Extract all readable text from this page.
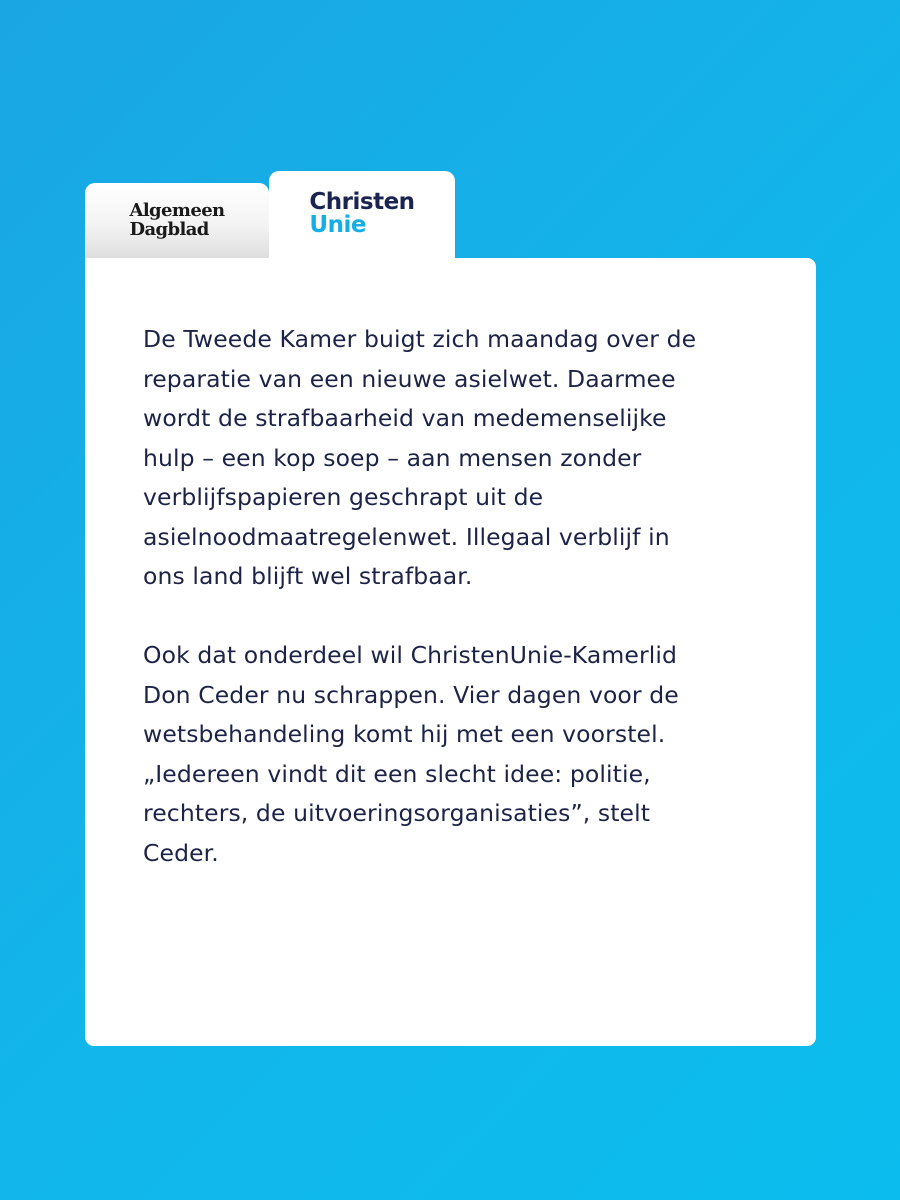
Algemeen
Dagblad
Christen
Unie

De Tweede Kamer buigt zich maandag over de
reparatie van een nieuwe asielwet. Daarmee
wordt de strafbaarheid van medemenselijke
hulp – een kop soep – aan mensen zonder
verblijfspapieren geschrapt uit de
asielnoodmaatregelenwet. Illegaal verblijf in
ons land blijft wel strafbaar.

Ook dat onderdeel wil ChristenUnie-Kamerlid
Don Ceder nu schrappen. Vier dagen voor de
wetsbehandeling komt hij met een voorstel.
„Iedereen vindt dit een slecht idee: politie,
rechters, de uitvoeringsorganisaties”, stelt
Ceder.
